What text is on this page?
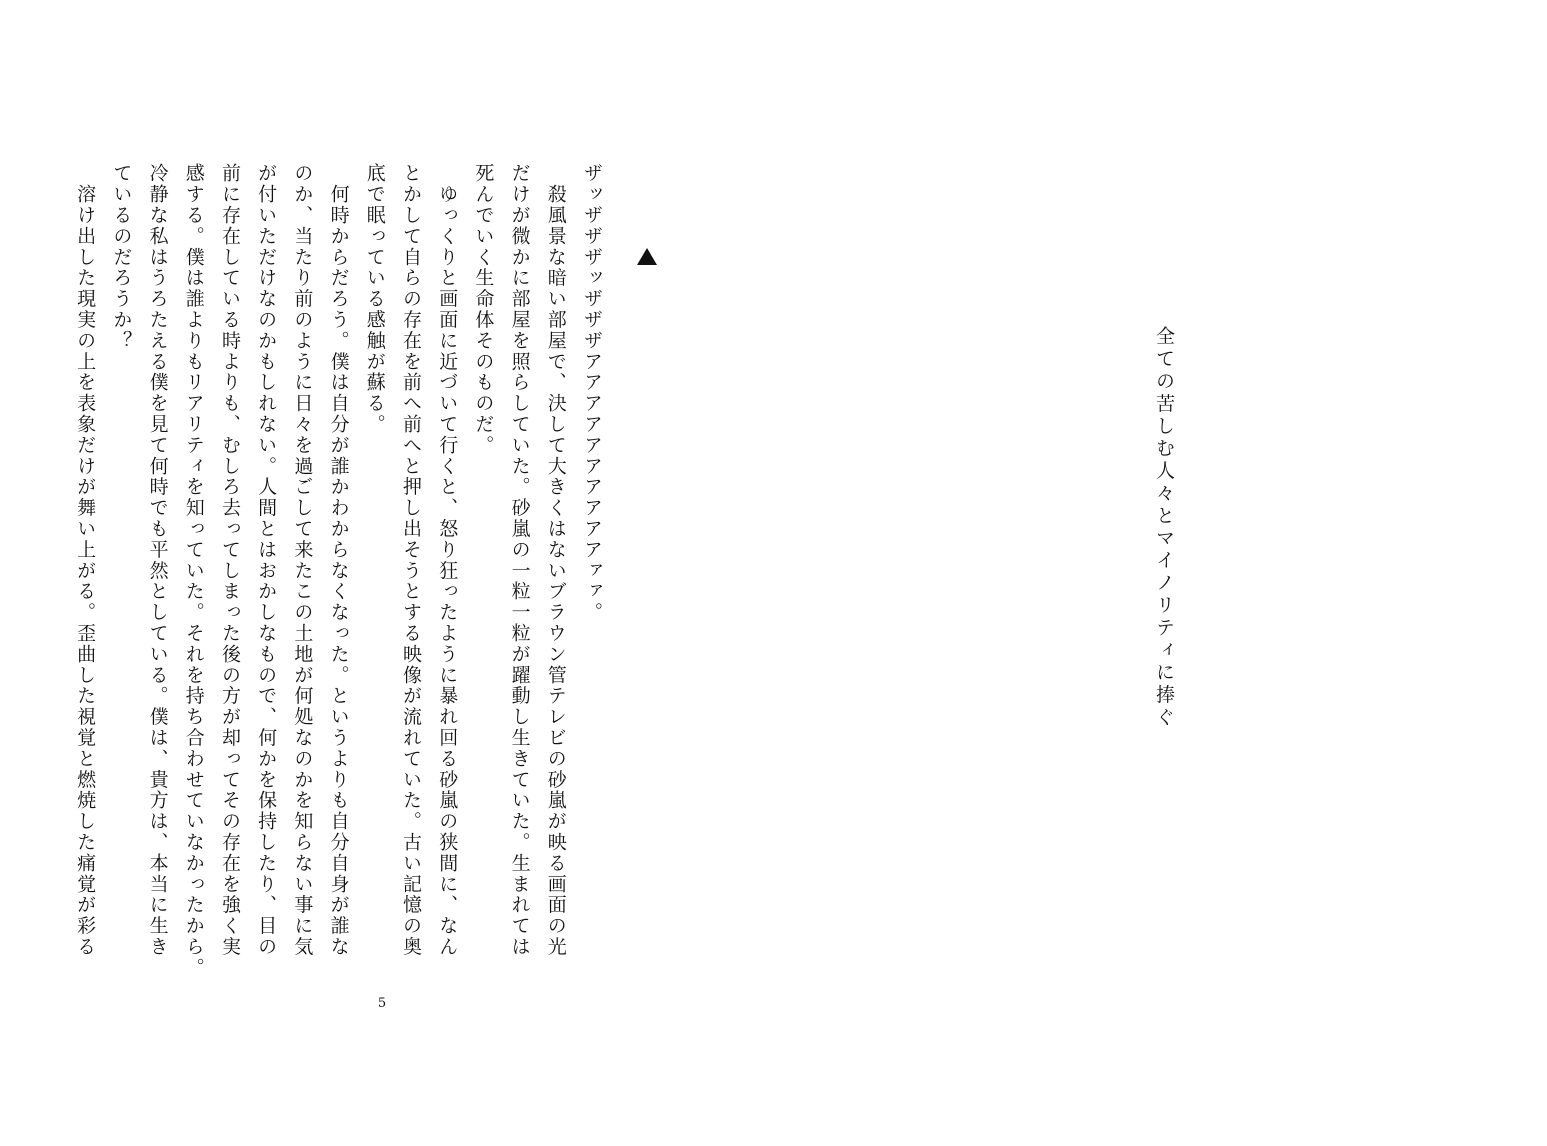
ザッザザザッザザザアアアアアアアアアアァァ。

　殺風景な暗い部屋で、決して大きくはないブラウン管テレビの砂嵐が映る画面の光

だけが微かに部屋を照らしていた。砂嵐の一粒一粒が躍動し生きていた。生まれては

死んでいく生命体そのものだ。

　ゆっくりと画面に近づいて行くと、怒り狂ったように暴れ回る砂嵐の狭間に、なん

とかして自らの存在を前へ前へと押し出そうとする映像が流れていた。古い記憶の奥

底で眠っている感触が蘇る。

　何時からだろう。僕は自分が誰かわからなくなった。というよりも自分自身が誰な

のか、当たり前のように日々を過ごして来たこの土地が何処なのかを知らない事に気

が付いただけなのかもしれない。人間とはおかしなもので、何かを保持したり、目の

前に存在している時よりも、むしろ去ってしまった後の方が却ってその存在を強く実

感する。僕は誰よりもリアリティを知っていた。それを持ち合わせていなかったから。

冷静な私はうろたえる僕を見て何時でも平然としている。僕は、貴方は、本当に生き

ているのだろうか？

　溶け出した現実の上を表象だけが舞い上がる。歪曲した視覚と燃焼した痛覚が彩る

5
全ての苦しむ人々とマイノリティに捧ぐ
